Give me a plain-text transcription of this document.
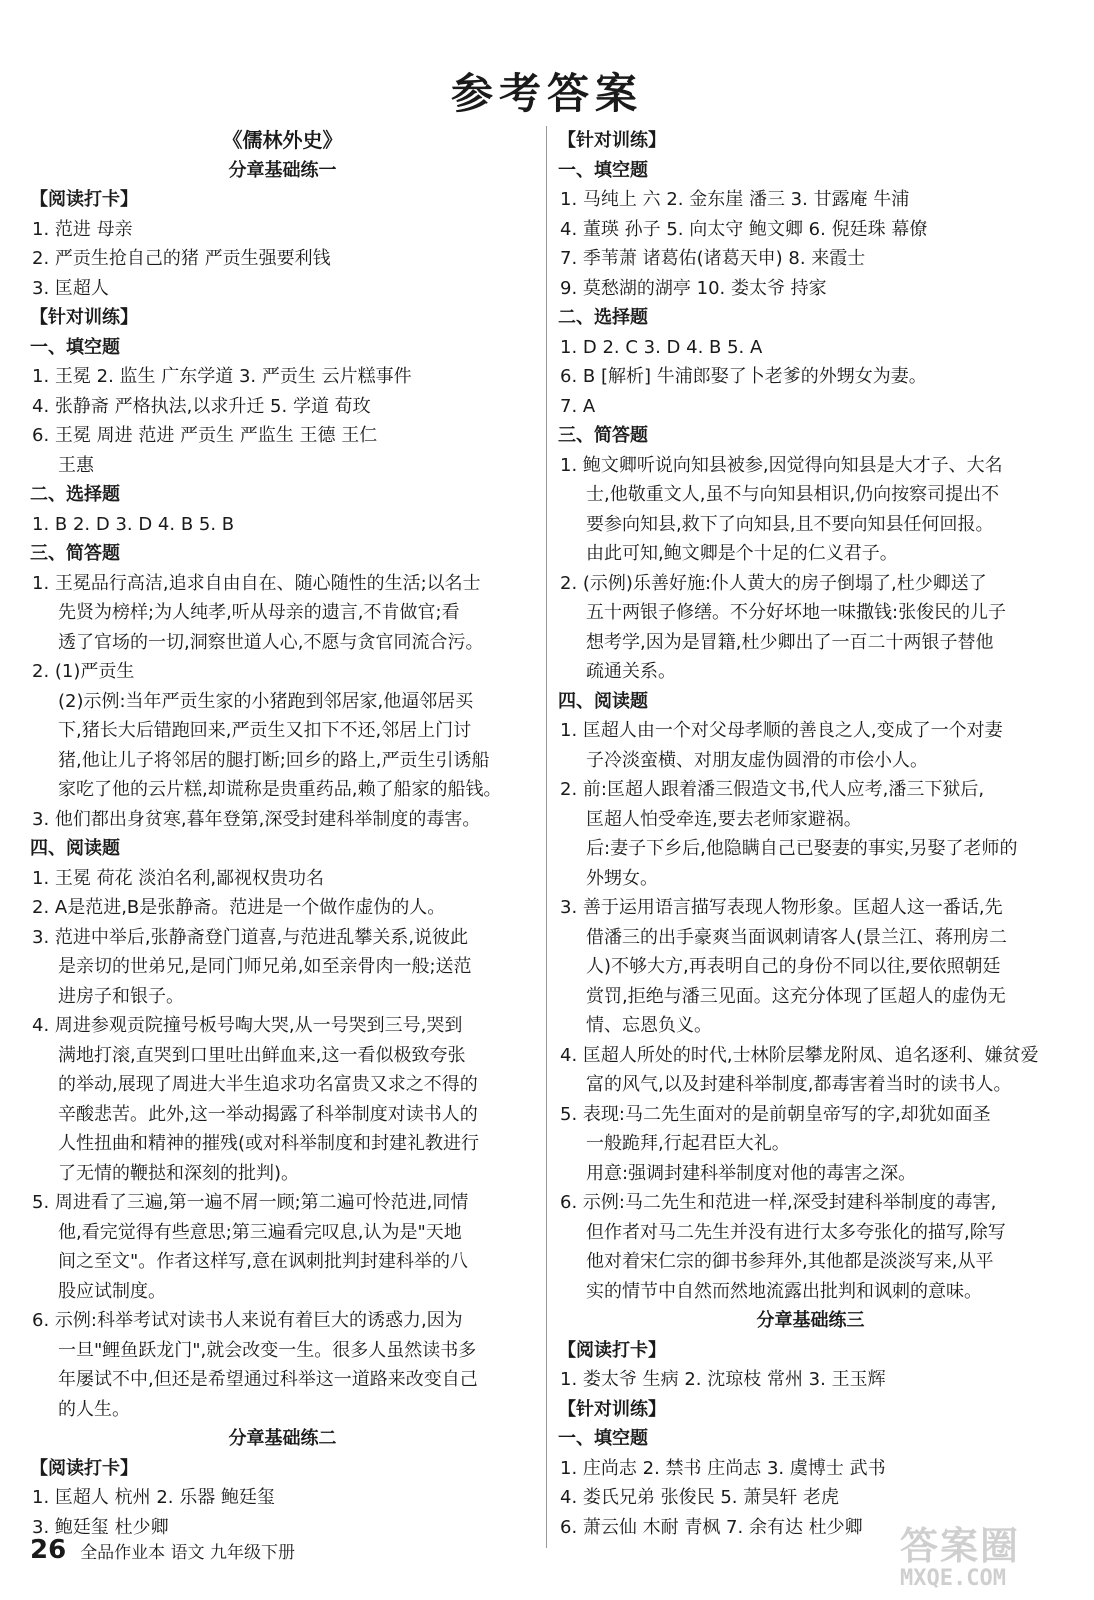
参考答案
《儒林外史》
分章基础练一
【阅读打卡】
1. 范进 母亲
2. 严贡生抢自己的猪 严贡生强要利钱
3. 匡超人
【针对训练】
一、填空题
1. 王冕 2. 监生 广东学道 3. 严贡生 云片糕事件
4. 张静斋 严格执法,以求升迁 5. 学道 荀玫
6. 王冕 周进 范进 严贡生 严监生 王德 王仁
王惠
二、选择题
1. B 2. D 3. D 4. B 5. B
三、简答题
1. 王冕品行高洁,追求自由自在、随心随性的生活;以名士
先贤为榜样;为人纯孝,听从母亲的遗言,不肯做官;看
透了官场的一切,洞察世道人心,不愿与贪官同流合污。
2. (1)严贡生
(2)示例:当年严贡生家的小猪跑到邻居家,他逼邻居买
下,猪长大后错跑回来,严贡生又扣下不还,邻居上门讨
猪,他让儿子将邻居的腿打断;回乡的路上,严贡生引诱船
家吃了他的云片糕,却谎称是贵重药品,赖了船家的船钱。
3. 他们都出身贫寒,暮年登第,深受封建科举制度的毒害。
四、阅读题
1. 王冕 荷花 淡泊名利,鄙视权贵功名
2. A是范进,B是张静斋。范进是一个做作虚伪的人。
3. 范进中举后,张静斋登门道喜,与范进乱攀关系,说彼此
是亲切的世弟兄,是同门师兄弟,如至亲骨肉一般;送范
进房子和银子。
4. 周进参观贡院撞号板号啕大哭,从一号哭到三号,哭到
满地打滚,直哭到口里吐出鲜血来,这一看似极致夸张
的举动,展现了周进大半生追求功名富贵又求之不得的
辛酸悲苦。此外,这一举动揭露了科举制度对读书人的
人性扭曲和精神的摧残(或对科举制度和封建礼教进行
了无情的鞭挞和深刻的批判)。
5. 周进看了三遍,第一遍不屑一顾;第二遍可怜范进,同情
他,看完觉得有些意思;第三遍看完叹息,认为是"天地
间之至文"。作者这样写,意在讽刺批判封建科举的八
股应试制度。
6. 示例:科举考试对读书人来说有着巨大的诱惑力,因为
一旦"鲤鱼跃龙门",就会改变一生。很多人虽然读书多
年屡试不中,但还是希望通过科举这一道路来改变自己
的人生。
分章基础练二
【阅读打卡】
1. 匡超人 杭州 2. 乐器 鲍廷玺
3. 鲍廷玺 杜少卿
【针对训练】
一、填空题
1. 马纯上 六 2. 金东崖 潘三 3. 甘露庵 牛浦
4. 董瑛 孙子 5. 向太守 鲍文卿 6. 倪廷珠 幕僚
7. 季苇萧 诸葛佑(诸葛天申) 8. 来霞士
9. 莫愁湖的湖亭 10. 娄太爷 持家
二、选择题
1. D 2. C 3. D 4. B 5. A
6. B [解析] 牛浦郎娶了卜老爹的外甥女为妻。
7. A
三、简答题
1. 鲍文卿听说向知县被参,因觉得向知县是大才子、大名
士,他敬重文人,虽不与向知县相识,仍向按察司提出不
要参向知县,救下了向知县,且不要向知县任何回报。
由此可知,鲍文卿是个十足的仁义君子。
2. (示例)乐善好施:仆人黄大的房子倒塌了,杜少卿送了
五十两银子修缮。不分好坏地一味撒钱:张俊民的儿子
想考学,因为是冒籍,杜少卿出了一百二十两银子替他
疏通关系。
四、阅读题
1. 匡超人由一个对父母孝顺的善良之人,变成了一个对妻
子冷淡蛮横、对朋友虚伪圆滑的市侩小人。
2. 前:匡超人跟着潘三假造文书,代人应考,潘三下狱后,
匡超人怕受牵连,要去老师家避祸。
后:妻子下乡后,他隐瞒自己已娶妻的事实,另娶了老师的
外甥女。
3. 善于运用语言描写表现人物形象。匡超人这一番话,先
借潘三的出手豪爽当面讽刺请客人(景兰江、蒋刑房二
人)不够大方,再表明自己的身份不同以往,要依照朝廷
赏罚,拒绝与潘三见面。这充分体现了匡超人的虚伪无
情、忘恩负义。
4. 匡超人所处的时代,士林阶层攀龙附凤、追名逐利、嫌贫爱
富的风气,以及封建科举制度,都毒害着当时的读书人。
5. 表现:马二先生面对的是前朝皇帝写的字,却犹如面圣
一般跪拜,行起君臣大礼。
用意:强调封建科举制度对他的毒害之深。
6. 示例:马二先生和范进一样,深受封建科举制度的毒害,
但作者对马二先生并没有进行太多夸张化的描写,除写
他对着宋仁宗的御书参拜外,其他都是淡淡写来,从平
实的情节中自然而然地流露出批判和讽刺的意味。
分章基础练三
【阅读打卡】
1. 娄太爷 生病 2. 沈琼枝 常州 3. 王玉辉
【针对训练】
一、填空题
1. 庄尚志 2. 禁书 庄尚志 3. 虞博士 武书
4. 娄氏兄弟 张俊民 5. 萧昊轩 老虎
6. 萧云仙 木耐 青枫 7. 余有达 杜少卿
26 全品作业本 语文 九年级下册	答案圈
MXQE.COM
